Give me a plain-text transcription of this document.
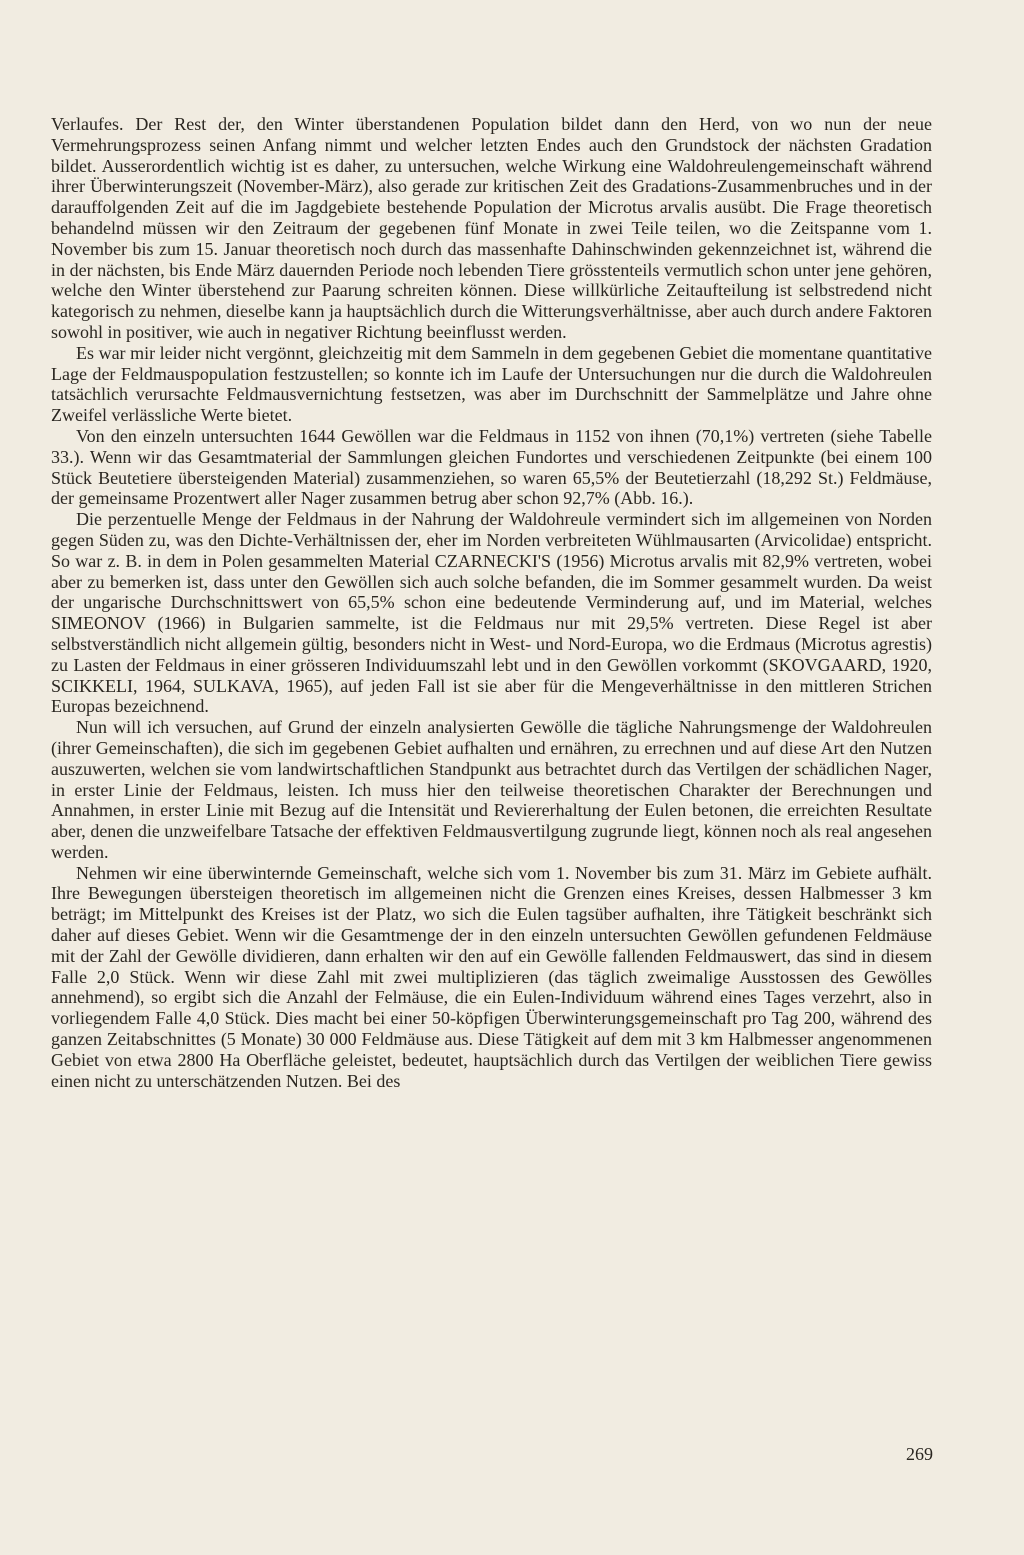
Verlaufes. Der Rest der, den Winter überstandenen Population bildet dann den Herd, von wo nun der neue Vermehrungsprozess seinen Anfang nimmt und welcher letzten Endes auch den Grundstock der nächsten Gradation bildet. Ausserordentlich wichtig ist es daher, zu untersuchen, welche Wirkung eine Waldohreulengemeinschaft während ihrer Überwinterungszeit (November-März), also gerade zur kritischen Zeit des Gradations-Zusammenbruches und in der darauffolgenden Zeit auf die im Jagdgebiete bestehende Population der Microtus arvalis ausübt. Die Frage theoretisch behandelnd müssen wir den Zeitraum der gegebenen fünf Monate in zwei Teile teilen, wo die Zeitspanne vom 1. November bis zum 15. Januar theoretisch noch durch das massenhafte Dahinschwinden gekennzeichnet ist, während die in der nächsten, bis Ende März dauernden Periode noch lebenden Tiere grösstenteils vermutlich schon unter jene gehören, welche den Winter überstehend zur Paarung schreiten können. Diese willkürliche Zeitaufteilung ist selbstredend nicht kategorisch zu nehmen, dieselbe kann ja hauptsächlich durch die Witterungsverhältnisse, aber auch durch andere Faktoren sowohl in positiver, wie auch in negativer Richtung beeinflusst werden.

Es war mir leider nicht vergönnt, gleichzeitig mit dem Sammeln in dem gegebenen Gebiet die momentane quantitative Lage der Feldmauspopulation festzustellen; so konnte ich im Laufe der Untersuchungen nur die durch die Waldohreulen tatsächlich verursachte Feldmausvernichtung festsetzen, was aber im Durchschnitt der Sammelplätze und Jahre ohne Zweifel verlässliche Werte bietet.

Von den einzeln untersuchten 1644 Gewöllen war die Feldmaus in 1152 von ihnen (70,1%) vertreten (siehe Tabelle 33.). Wenn wir das Gesamtmaterial der Sammlungen gleichen Fundortes und verschiedenen Zeitpunkte (bei einem 100 Stück Beutetiere übersteigenden Material) zusammenziehen, so waren 65,5% der Beutetierzahl (18,292 St.) Feldmäuse, der gemeinsame Prozentwert aller Nager zusammen betrug aber schon 92,7% (Abb. 16.).

Die perzentuelle Menge der Feldmaus in der Nahrung der Waldohreule vermindert sich im allgemeinen von Norden gegen Süden zu, was den Dichte-Verhältnissen der, eher im Norden verbreiteten Wühlmausarten (Arvicolidae) entspricht. So war z. B. in dem in Polen gesammelten Material CZARNECKI'S (1956) Microtus arvalis mit 82,9% vertreten, wobei aber zu bemerken ist, dass unter den Gewöllen sich auch solche befanden, die im Sommer gesammelt wurden. Da weist der ungarische Durchschnittswert von 65,5% schon eine bedeutende Verminderung auf, und im Material, welches SIMEONOV (1966) in Bulgarien sammelte, ist die Feldmaus nur mit 29,5% vertreten. Diese Regel ist aber selbstverständlich nicht allgemein gültig, besonders nicht in West- und Nord-Europa, wo die Erdmaus (Microtus agrestis) zu Lasten der Feldmaus in einer grösseren Individuumszahl lebt und in den Gewöllen vorkommt (SKOVGAARD, 1920, SCIKKELI, 1964, SULKAVA, 1965), auf jeden Fall ist sie aber für die Mengeverhältnisse in den mittleren Strichen Europas bezeichnend.

Nun will ich versuchen, auf Grund der einzeln analysierten Gewölle die tägliche Nahrungsmenge der Waldohreulen (ihrer Gemeinschaften), die sich im gegebenen Gebiet aufhalten und ernähren, zu errechnen und auf diese Art den Nutzen auszuwerten, welchen sie vom landwirtschaftlichen Standpunkt aus betrachtet durch das Vertilgen der schädlichen Nager, in erster Linie der Feldmaus, leisten. Ich muss hier den teilweise theoretischen Charakter der Berechnungen und Annahmen, in erster Linie mit Bezug auf die Intensität und Reviererhaltung der Eulen betonen, die erreichten Resultate aber, denen die unzweifelbare Tatsache der effektiven Feldmausvertilgung zugrunde liegt, können noch als real angesehen werden.

Nehmen wir eine überwinternde Gemeinschaft, welche sich vom 1. November bis zum 31. März im Gebiete aufhält. Ihre Bewegungen übersteigen theoretisch im allgemeinen nicht die Grenzen eines Kreises, dessen Halbmesser 3 km beträgt; im Mittelpunkt des Kreises ist der Platz, wo sich die Eulen tagsüber aufhalten, ihre Tätigkeit beschränkt sich daher auf dieses Gebiet. Wenn wir die Gesamtmenge der in den einzeln untersuchten Gewöllen gefundenen Feldmäuse mit der Zahl der Gewölle dividieren, dann erhalten wir den auf ein Gewölle fallenden Feldmauswert, das sind in diesem Falle 2,0 Stück. Wenn wir diese Zahl mit zwei multiplizieren (das täglich zweimalige Ausstossen des Gewölles annehmend), so ergibt sich die Anzahl der Felmäuse, die ein Eulen-Individuum während eines Tages verzehrt, also in vorliegendem Falle 4,0 Stück. Dies macht bei einer 50-köpfigen Überwinterungsgemeinschaft pro Tag 200, während des ganzen Zeitabschnittes (5 Monate) 30 000 Feldmäuse aus. Diese Tätigkeit auf dem mit 3 km Halbmesser angenommenen Gebiet von etwa 2800 Ha Oberfläche geleistet, bedeutet, hauptsächlich durch das Vertilgen der weiblichen Tiere gewiss einen nicht zu unterschätzenden Nutzen. Bei des

269
